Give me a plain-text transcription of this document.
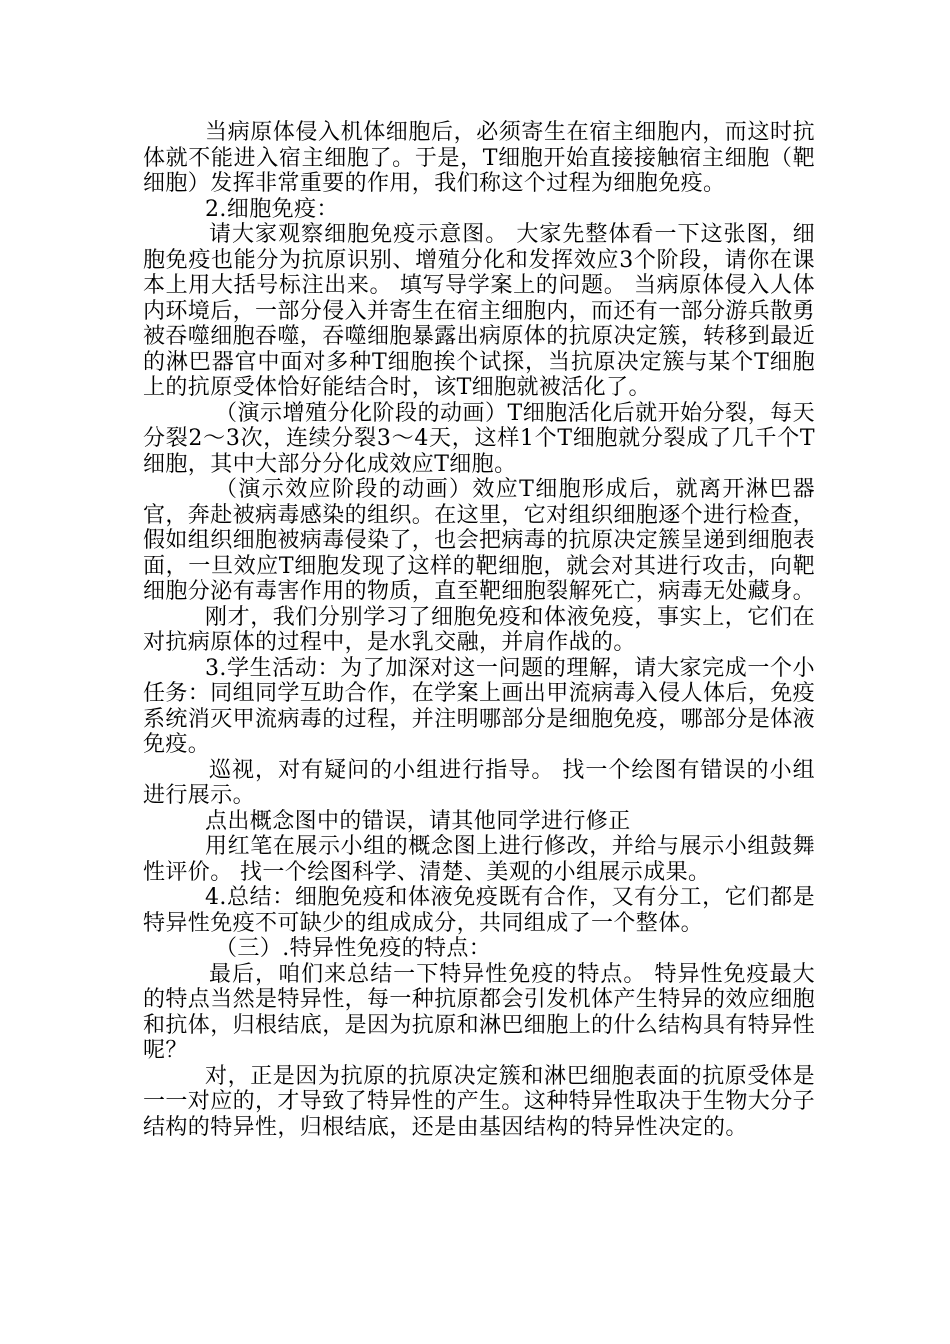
当病原体侵入机体细胞后，必须寄生在宿主细胞内，而这时抗体就不能进入宿主细胞了。于是，T细胞开始直接接触宿主细胞（靶细胞）发挥非常重要的作用，我们称这个过程为细胞免疫。

2.细胞免疫：

请大家观察细胞免疫示意图。 大家先整体看一下这张图，细胞免疫也能分为抗原识别、增殖分化和发挥效应3个阶段，请你在课本上用大括号标注出来。 填写导学案上的问题。 当病原体侵入人体内环境后，一部分侵入并寄生在宿主细胞内，而还有一部分游兵散勇被吞噬细胞吞噬，吞噬细胞暴露出病原体的抗原决定簇，转移到最近的淋巴器官中面对多种T细胞挨个试探，当抗原决定簇与某个T细胞上的抗原受体恰好能结合时，该T细胞就被活化了。

（演示增殖分化阶段的动画）T细胞活化后就开始分裂，每天分裂2～3次，连续分裂3～4天，这样1个T细胞就分裂成了几千个T细胞，其中大部分分化成效应T细胞。

（演示效应阶段的动画）效应T细胞形成后，就离开淋巴器官，奔赴被病毒感染的组织。在这里，它对组织细胞逐个进行检查，假如组织细胞被病毒侵染了，也会把病毒的抗原决定簇呈递到细胞表面，一旦效应T细胞发现了这样的靶细胞，就会对其进行攻击，向靶细胞分泌有毒害作用的物质，直至靶细胞裂解死亡，病毒无处藏身。

刚才，我们分别学习了细胞免疫和体液免疫，事实上，它们在对抗病原体的过程中，是水乳交融，并肩作战的。

3.学生活动：为了加深对这一问题的理解，请大家完成一个小任务：同组同学互助合作，在学案上画出甲流病毒入侵人体后，免疫系统消灭甲流病毒的过程，并注明哪部分是细胞免疫，哪部分是体液免疫。

巡视，对有疑问的小组进行指导。 找一个绘图有错误的小组进行展示。

点出概念图中的错误，请其他同学进行修正

用红笔在展示小组的概念图上进行修改，并给与展示小组鼓舞性评价。 找一个绘图科学、清楚、美观的小组展示成果。

4.总结：细胞免疫和体液免疫既有合作，又有分工，它们都是特异性免疫不可缺少的组成成分，共同组成了一个整体。

（三）.特异性免疫的特点：

最后，咱们来总结一下特异性免疫的特点。 特异性免疫最大的特点当然是特异性，每一种抗原都会引发机体产生特异的效应细胞和抗体，归根结底，是因为抗原和淋巴细胞上的什么结构具有特异性呢？

对，正是因为抗原的抗原决定簇和淋巴细胞表面的抗原受体是一一对应的，才导致了特异性的产生。这种特异性取决于生物大分子结构的特异性，归根结底，还是由基因结构的特异性决定的。
